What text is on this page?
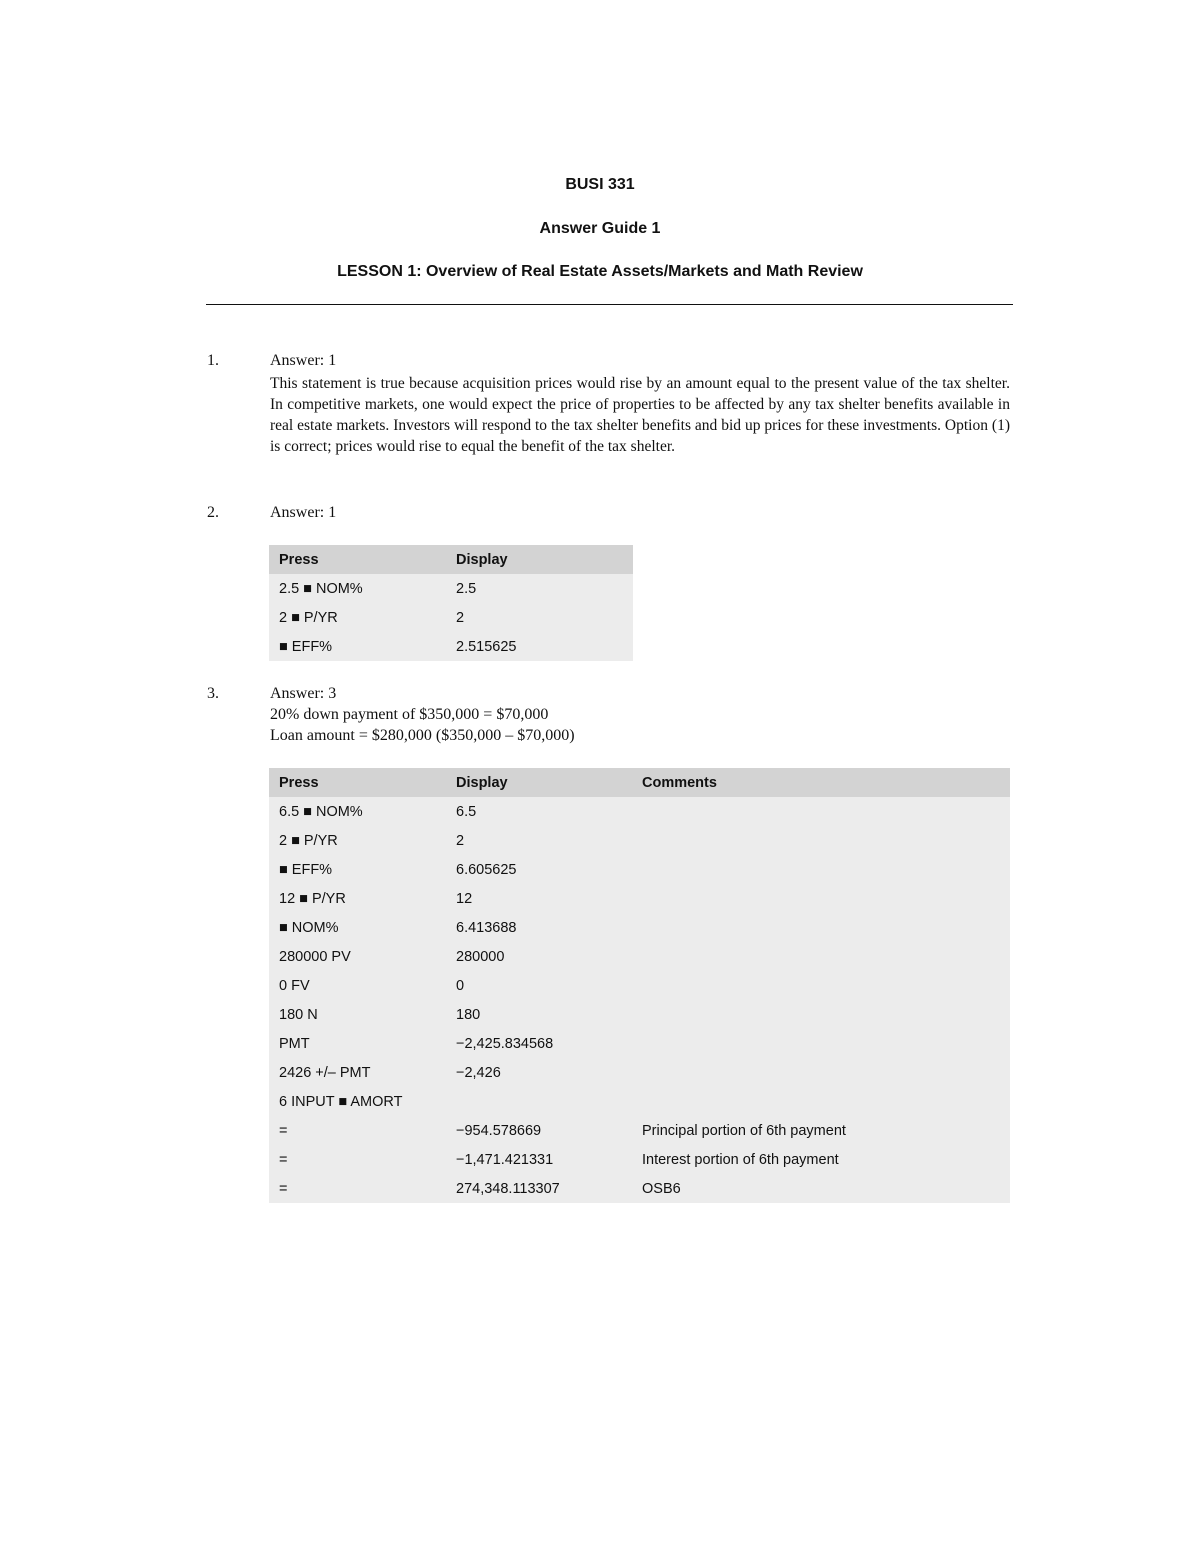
BUSI 331
Answer Guide 1
LESSON 1: Overview of Real Estate Assets/Markets and Math Review
1.	Answer: 1
This statement is true because acquisition prices would rise by an amount equal to the present value of the tax shelter. In competitive markets, one would expect the price of properties to be affected by any tax shelter benefits available in real estate markets. Investors will respond to the tax shelter benefits and bid up prices for these investments. Option (1) is correct; prices would rise to equal the benefit of the tax shelter.
2.	Answer: 1
Press	Display
2.5 ■ NOM%	2.5
2 ■ P/YR	2
■ EFF%	2.515625
3.	Answer: 3
20% down payment of $350,000 = $70,000
Loan amount = $280,000 ($350,000 – $70,000)
Press	Display	Comments
6.5 ■ NOM%	6.5	
2 ■ P/YR	2	
■ EFF%	6.605625	
12 ■ P/YR	12	
■ NOM%	6.413688	
280000 PV	280000	
0 FV	0	
180 N	180	
PMT	−2,425.834568	
2426 +/– PMT	−2,426	
6 INPUT ■ AMORT		
=	−954.578669	Principal portion of 6th payment
=	−1,471.421331	Interest portion of 6th payment
=	274,348.113307	OSB6
